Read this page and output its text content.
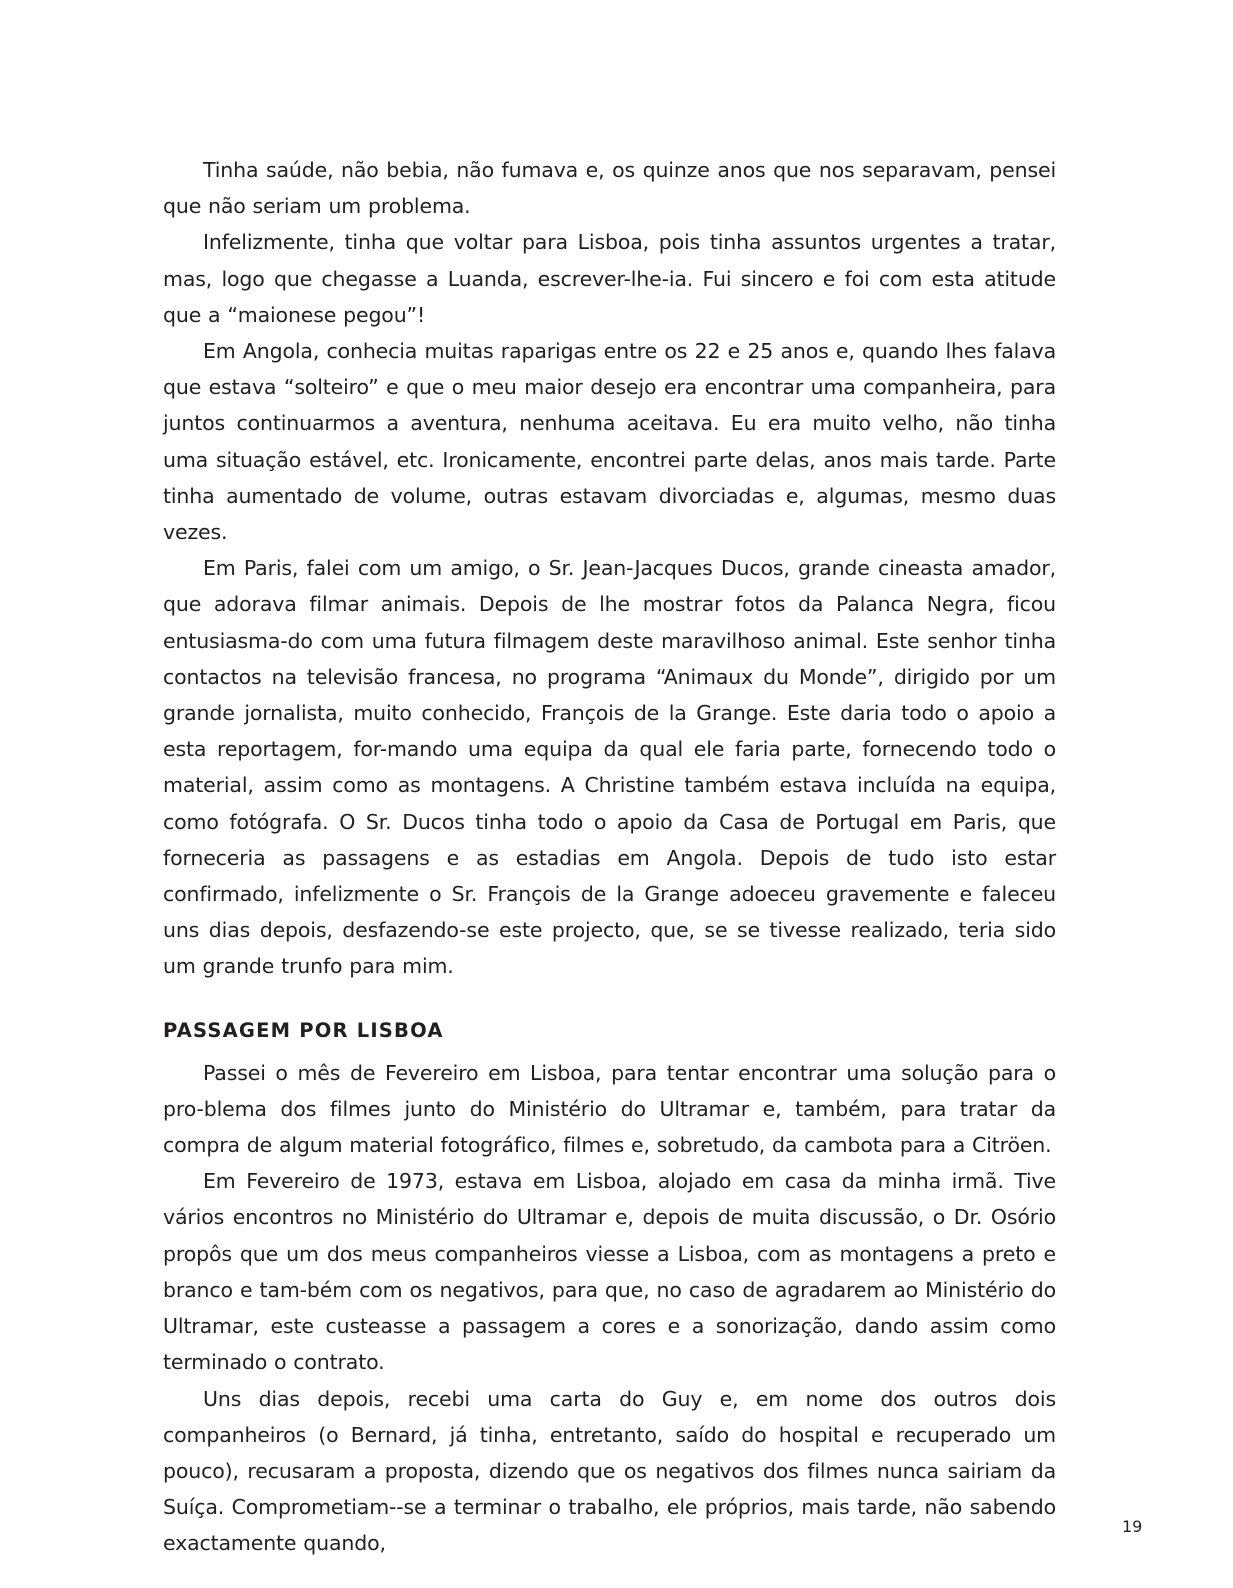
Tinha saúde, não bebia, não fumava e, os quinze anos que nos separavam, pensei que não seriam um problema.

Infelizmente, tinha que voltar para Lisboa, pois tinha assuntos urgentes a tratar, mas, logo que chegasse a Luanda, escrever-lhe-ia. Fui sincero e foi com esta atitude que a “maionese pegou”!

Em Angola, conhecia muitas raparigas entre os 22 e 25 anos e, quando lhes falava que estava “solteiro” e que o meu maior desejo era encontrar uma companheira, para juntos continuarmos a aventura, nenhuma aceitava. Eu era muito velho, não tinha uma situação estável, etc. Ironicamente, encontrei parte delas, anos mais tarde. Parte tinha aumentado de volume, outras estavam divorciadas e, algumas, mesmo duas vezes.

Em Paris, falei com um amigo, o Sr. Jean-Jacques Ducos, grande cineasta amador, que adorava filmar animais. Depois de lhe mostrar fotos da Palanca Negra, ficou entusiasma-do com uma futura filmagem deste maravilhoso animal. Este senhor tinha contactos na televisão francesa, no programa “Animaux du Monde”, dirigido por um grande jornalista, muito conhecido, François de la Grange. Este daria todo o apoio a esta reportagem, for-mando uma equipa da qual ele faria parte, fornecendo todo o material, assim como as montagens. A Christine também estava incluída na equipa, como fotógrafa. O Sr. Ducos tinha todo o apoio da Casa de Portugal em Paris, que forneceria as passagens e as estadias em Angola. Depois de tudo isto estar confirmado, infelizmente o Sr. François de la Grange adoeceu gravemente e faleceu uns dias depois, desfazendo-se este projecto, que, se se tivesse realizado, teria sido um grande trunfo para mim.

PASSAGEM POR LISBOA

Passei o mês de Fevereiro em Lisboa, para tentar encontrar uma solução para o pro-blema dos filmes junto do Ministério do Ultramar e, também, para tratar da compra de algum material fotográfico, filmes e, sobretudo, da cambota para a Citröen.

Em Fevereiro de 1973, estava em Lisboa, alojado em casa da minha irmã. Tive vários encontros no Ministério do Ultramar e, depois de muita discussão, o Dr. Osório propôs que um dos meus companheiros viesse a Lisboa, com as montagens a preto e branco e tam-bém com os negativos, para que, no caso de agradarem ao Ministério do Ultramar, este custeasse a passagem a cores e a sonorização, dando assim como terminado o contrato.

Uns dias depois, recebi uma carta do Guy e, em nome dos outros dois companheiros (o Bernard, já tinha, entretanto, saído do hospital e recuperado um pouco), recusaram a proposta, dizendo que os negativos dos filmes nunca sairiam da Suíça. Comprometiam--se a terminar o trabalho, ele próprios, mais tarde, não sabendo exactamente quando,

19
